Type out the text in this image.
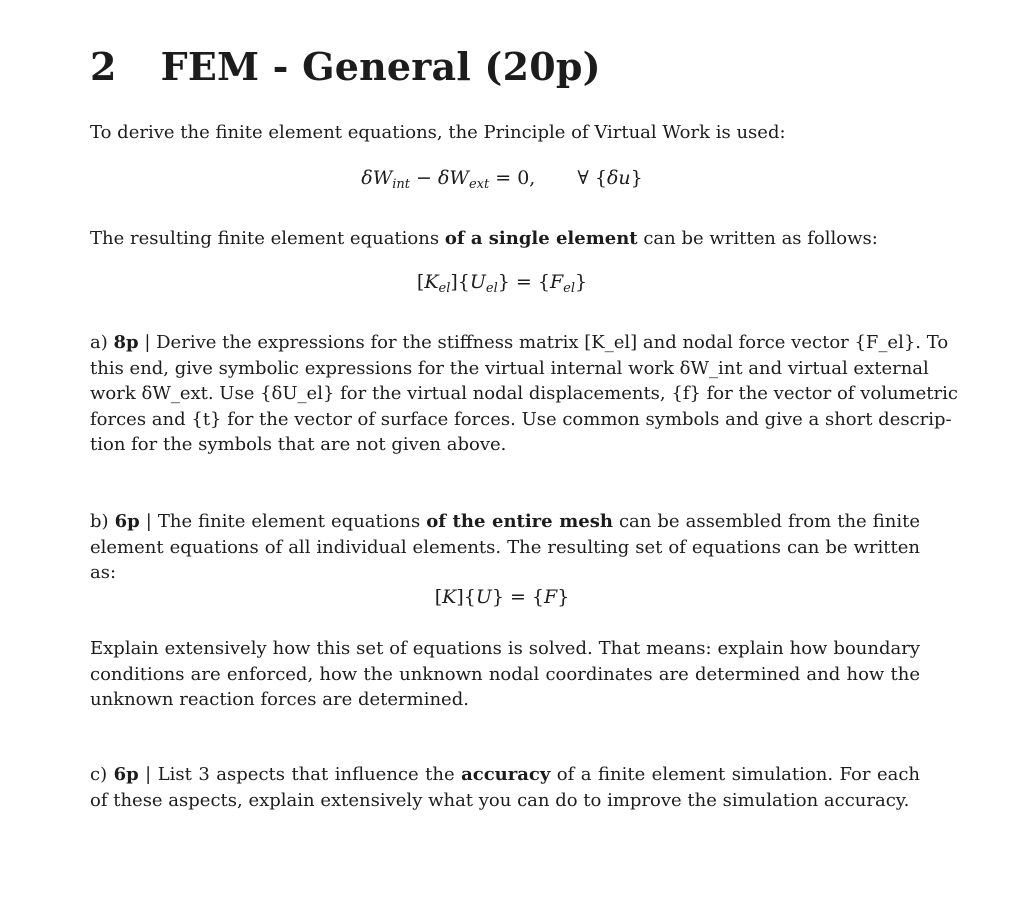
2 FEM - General (20p)
To derive the finite element equations, the Principle of Virtual Work is used:
$\delta W_{int} - \delta W_{ext} = 0$, ∀ {δu}
The resulting finite element equations of a single element can be written as follows:
$[K_{el}]\{U_{el}\} = \{F_{el}\}$
a) 8p | Derive the expressions for the stiffness matrix [K_el] and nodal force vector {F_el}. To
this end, give symbolic expressions for the virtual internal work δW_int and virtual external
work δW_ext. Use {δU_el} for the virtual nodal displacements, {f} for the vector of volumetric
forces and {t} for the vector of surface forces. Use common symbols and give a short descrip-
tion for the symbols that are not given above.
b) 6p | The finite element equations of the entire mesh can be assembled from the finite
element equations of all individual elements. The resulting set of equations can be written
as:
[K]{U} = {F}
Explain extensively how this set of equations is solved. That means: explain how boundary
conditions are enforced, how the unknown nodal coordinates are determined and how the
unknown reaction forces are determined.
c) 6p | List 3 aspects that influence the accuracy of a finite element simulation. For each
of these aspects, explain extensively what you can do to improve the simulation accuracy.
